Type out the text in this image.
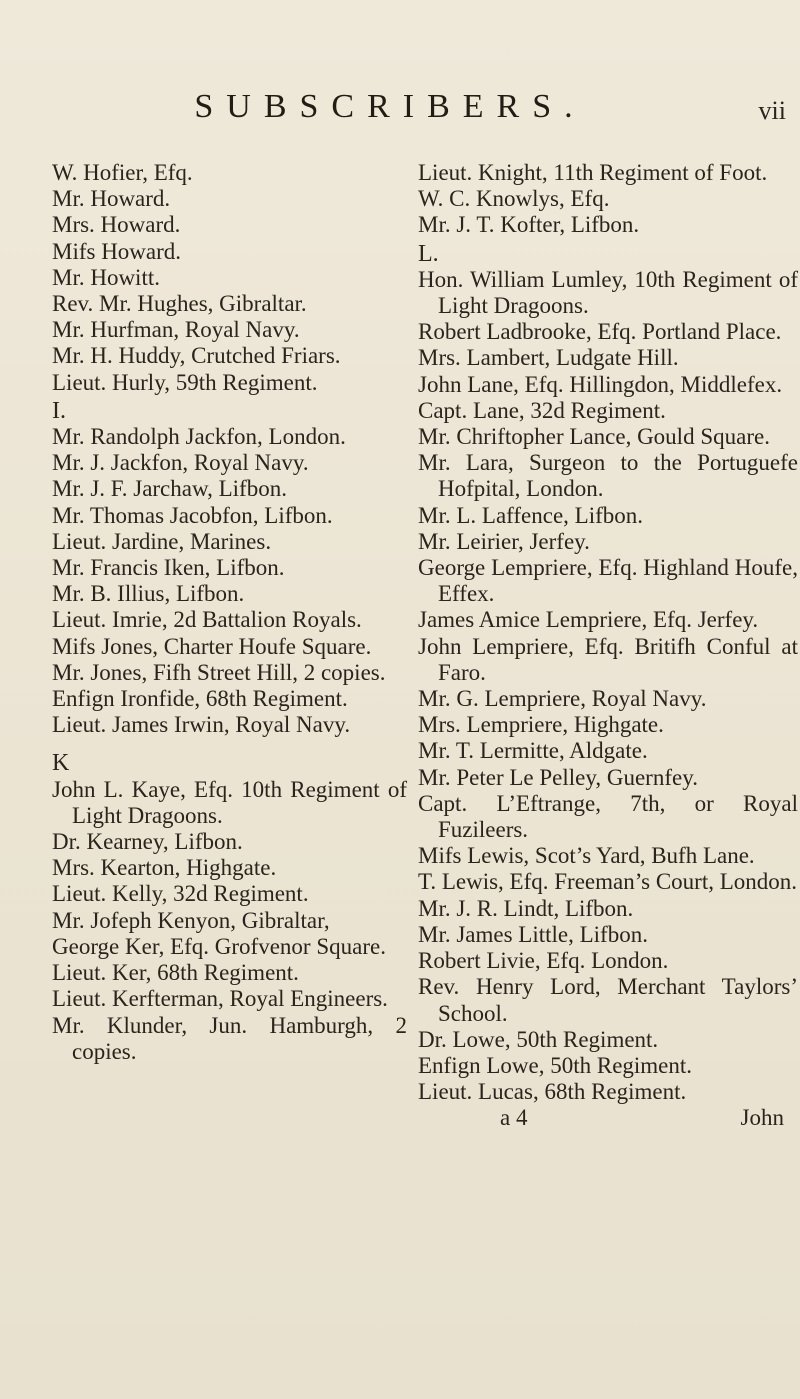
SUBSCRIBERS.	vii
W. Hofier, Efq.
Mr. Howard.
Mrs. Howard.
Mifs Howard.
Mr. Howitt.
Rev. Mr. Hughes, Gibraltar.
Mr. Hurfman, Royal Navy.
Mr. H. Huddy, Crutched Friars.
Lieut. Hurly, 59th Regiment.
I.
Mr. Randolph Jackfon, London.
Mr. J. Jackfon, Royal Navy.
Mr. J. F. Jarchaw, Lifbon.
Mr. Thomas Jacobfon, Lifbon.
Lieut. Jardine, Marines.
Mr. Francis Iken, Lifbon.
Mr. B. Illius, Lifbon.
Lieut. Imrie, 2d Battalion Royals.
Mifs Jones, Charter Houfe Square.
Mr. Jones, Fifh Street Hill, 2 copies.
Enfign Ironfide, 68th Regiment.
Lieut. James Irwin, Royal Navy.
K
John L. Kaye, Efq. 10th Regiment of Light Dragoons.
Dr. Kearney, Lifbon.
Mrs. Kearton, Highgate.
Lieut. Kelly, 32d Regiment.
Mr. Jofeph Kenyon, Gibraltar,
George Ker, Efq. Grofvenor Square.
Lieut. Ker, 68th Regiment.
Lieut. Kerfterman, Royal Engineers.
Mr. Klunder, Jun. Hamburgh, 2 copies.
Lieut. Knight, 11th Regiment of Foot.
W. C. Knowlys, Efq.
Mr. J. T. Kofter, Lifbon.
L.
Hon. William Lumley, 10th Regiment of Light Dragoons.
Robert Ladbrooke, Efq. Portland Place.
Mrs. Lambert, Ludgate Hill.
John Lane, Efq. Hillingdon, Middlefex.
Capt. Lane, 32d Regiment.
Mr. Chriftopher Lance, Gould Square.
Mr. Lara, Surgeon to the Portuguefe Hofpital, London.
Mr. L. Laffence, Lifbon.
Mr. Leirier, Jerfey.
George Lempriere, Efq. Highland Houfe, Effex.
James Amice Lempriere, Efq. Jerfey.
John Lempriere, Efq. Britifh Conful at Faro.
Mr. G. Lempriere, Royal Navy.
Mrs. Lempriere, Highgate.
Mr. T. Lermitte, Aldgate.
Mr. Peter Le Pelley, Guernfey.
Capt. L’Eftrange, 7th, or Royal Fuzileers.
Mifs Lewis, Scot’s Yard, Bufh Lane.
T. Lewis, Efq. Freeman’s Court, London.
Mr. J. R. Lindt, Lifbon.
Mr. James Little, Lifbon.
Robert Livie, Efq. London.
Rev. Henry Lord, Merchant Taylors’ School.
Dr. Lowe, 50th Regiment.
Enfign Lowe, 50th Regiment.
Lieut. Lucas, 68th Regiment.
a 4	John
